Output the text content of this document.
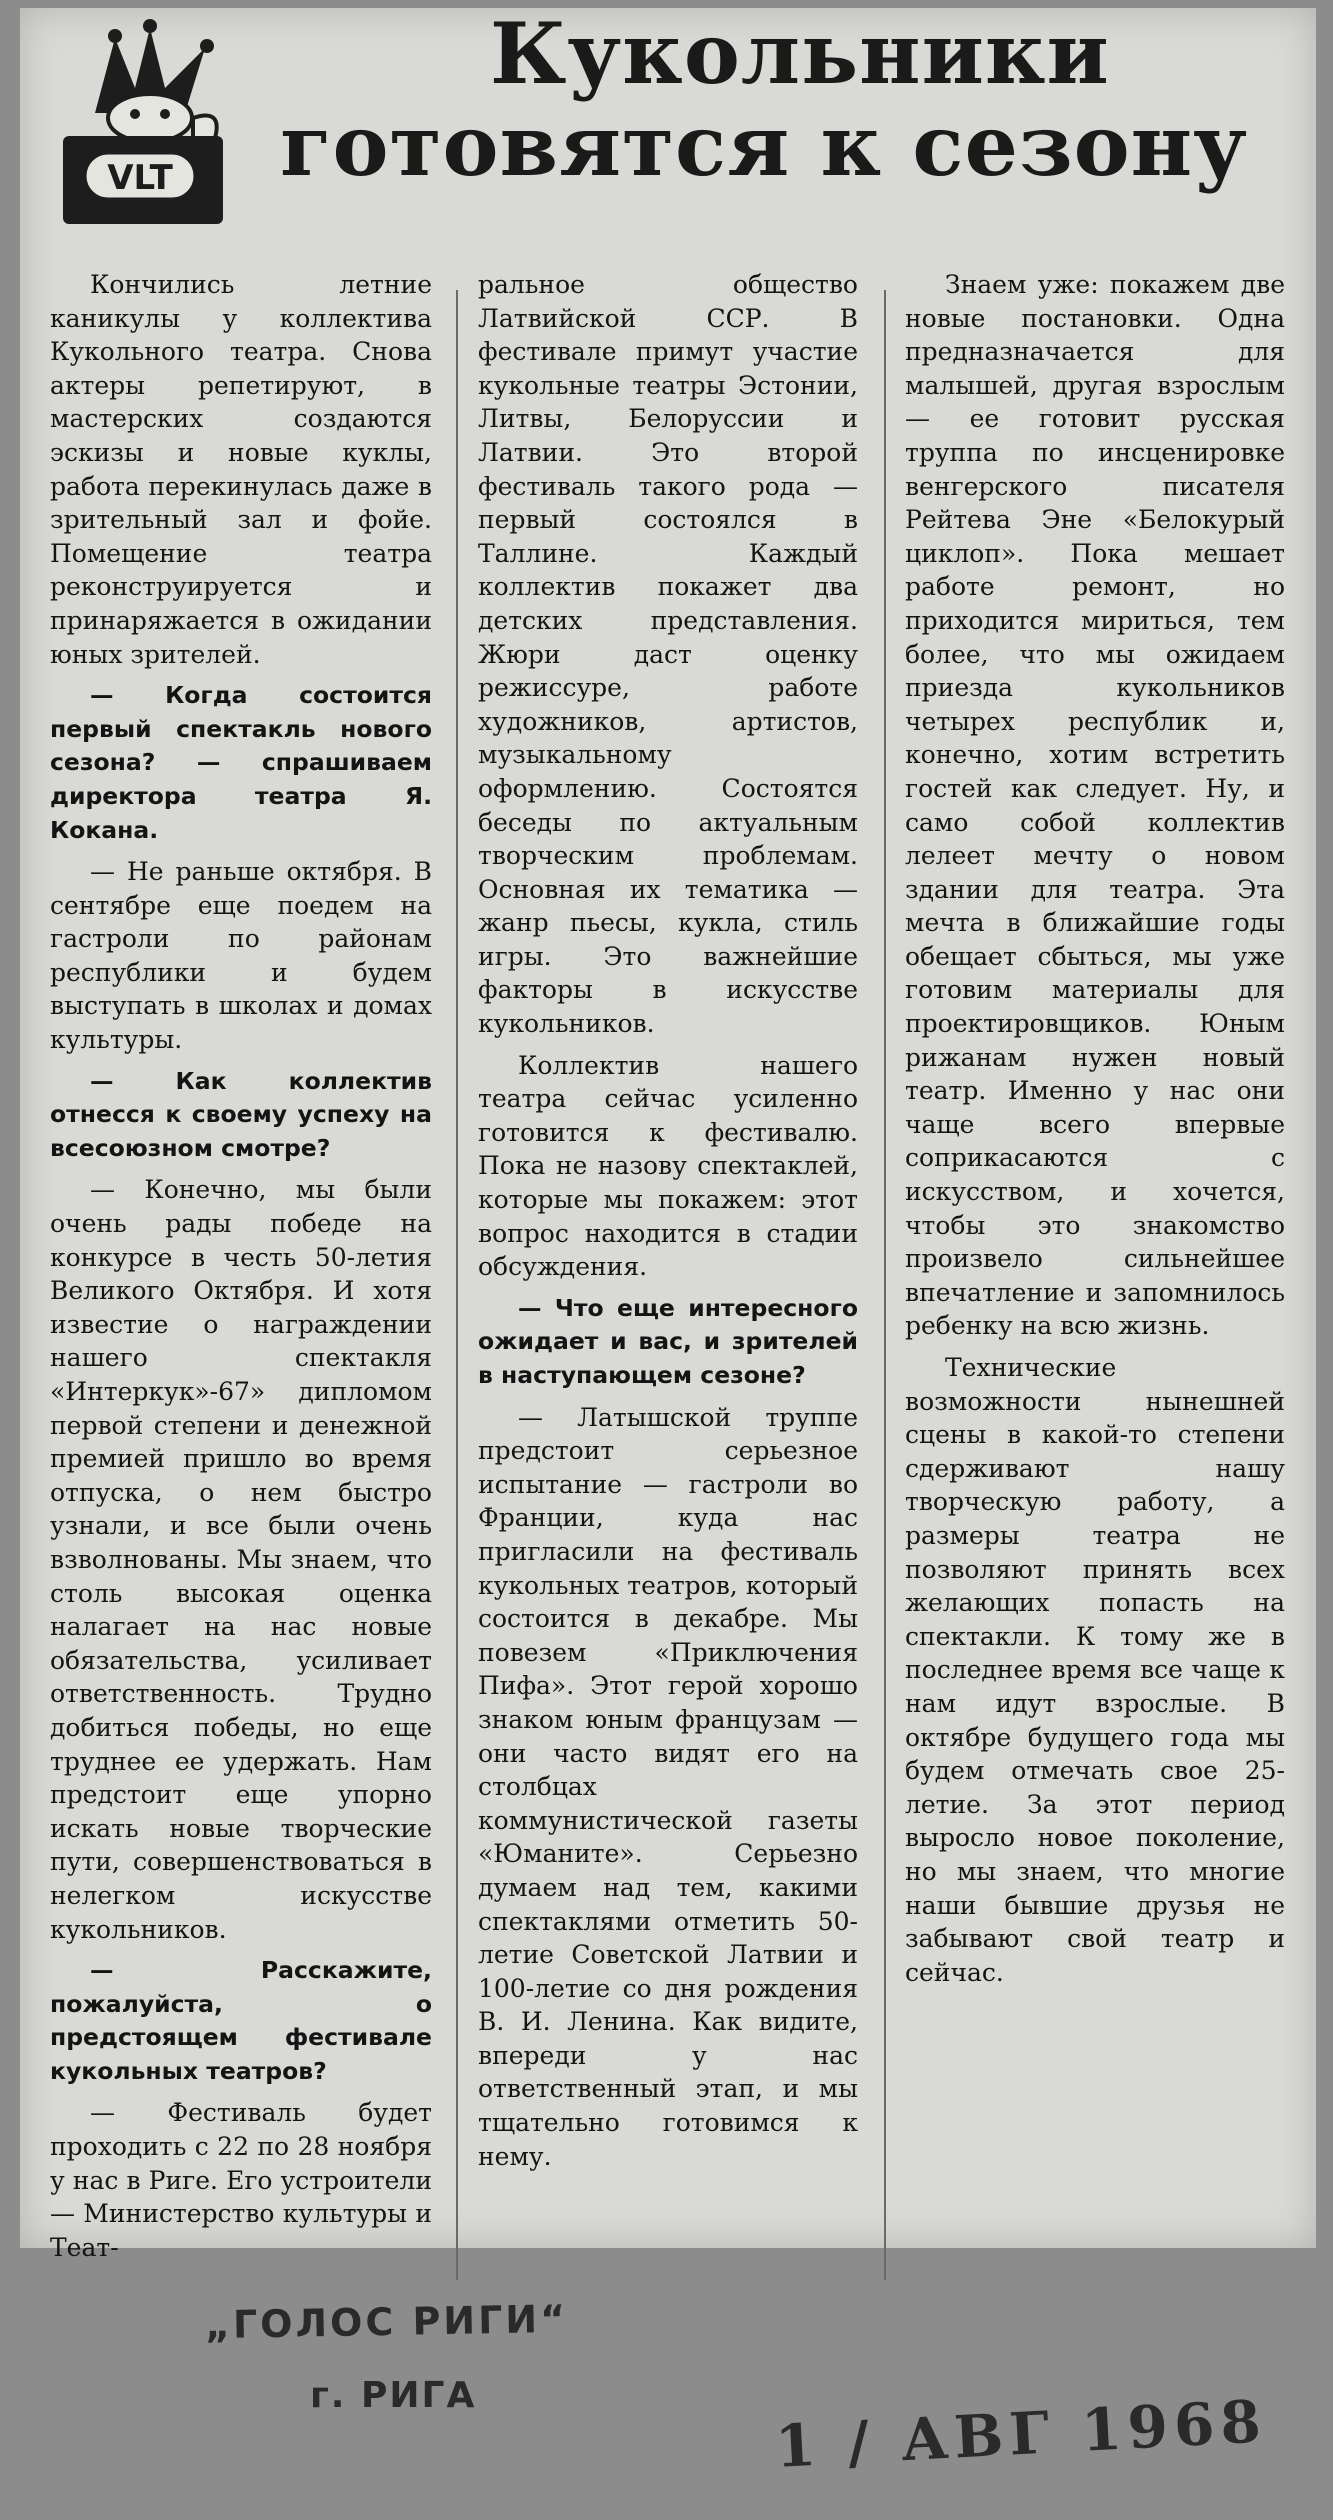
VLT
Кукольники
готовятся к сезону

Кончились летние каникулы у коллектива Кукольного театра. Снова актеры репетируют, в мастерских создаются эскизы и новые куклы, работа перекинулась даже в зрительный зал и фойе. Помещение театра реконструируется и принаряжается в ожидании юных зрителей.

— Когда состоится первый спектакль нового сезона? — спрашиваем директора театра Я. Кокана.

— Не раньше октября. В сентябре еще поедем на гастроли по районам республики и будем выступать в школах и домах культуры.

— Как коллектив отнесся к своему успеху на всесоюзном смотре?

— Конечно, мы были очень рады победе на конкурсе в честь 50-летия Великого Октября. И хотя известие о награждении нашего спектакля «Интеркук»-67» дипломом первой степени и денежной премией пришло во время отпуска, о нем быстро узнали, и все были очень взволнованы. Мы знаем, что столь высокая оценка налагает на нас новые обязательства, усиливает ответственность. Трудно добиться победы, но еще труднее ее удержать. Нам предстоит еще упорно искать новые творческие пути, совершенствоваться в нелегком искусстве кукольников.

— Расскажите, пожалуйста, о предстоящем фестивале кукольных театров?

— Фестиваль будет проходить с 22 по 28 ноября у нас в Риге. Его устроители — Министерство культуры и Теат-

ральное общество Латвийской ССР. В фестивале примут участие кукольные театры Эстонии, Литвы, Белоруссии и Латвии. Это второй фестиваль такого рода — первый состоялся в Таллине. Каждый коллектив покажет два детских представления. Жюри даст оценку режиссуре, работе художников, артистов, музыкальному оформлению. Состоятся беседы по актуальным творческим проблемам. Основная их тематика — жанр пьесы, кукла, стиль игры. Это важнейшие факторы в искусстве кукольников.

Коллектив нашего театра сейчас усиленно готовится к фестивалю. Пока не назову спектаклей, которые мы покажем: этот вопрос находится в стадии обсуждения.

— Что еще интересного ожидает и вас, и зрителей в наступающем сезоне?

— Латышской труппе предстоит серьезное испытание — гастроли во Франции, куда нас пригласили на фестиваль кукольных театров, который состоится в декабре. Мы повезем «Приключения Пифа». Этот герой хорошо знаком юным французам — они часто видят его на столбцах коммунистической газеты «Юманите». Серьезно думаем над тем, какими спектаклями отметить 50-летие Советской Латвии и 100-летие со дня рождения В. И. Ленина. Как видите, впереди у нас ответственный этап, и мы тщательно готовимся к нему.

Знаем уже: покажем две новые постановки. Одна предназначается для малышей, другая взрослым — ее готовит русская труппа по инсценировке венгерского писателя Рейтева Эне «Белокурый циклоп». Пока мешает работе ремонт, но приходится мириться, тем более, что мы ожидаем приезда кукольников четырех республик и, конечно, хотим встретить гостей как следует. Ну, и само собой коллектив лелеет мечту о новом здании для театра. Эта мечта в ближайшие годы обещает сбыться, мы уже готовим материалы для проектировщиков. Юным рижанам нужен новый театр. Именно у нас они чаще всего впервые соприкасаются с искусством, и хочется, чтобы это знакомство произвело сильнейшее впечатление и запомнилось ребенку на всю жизнь.

Технические возможности нынешней сцены в какой-то степени сдерживают нашу творческую работу, а размеры театра не позволяют принять всех желающих попасть на спектакли. К тому же в последнее время все чаще к нам идут взрослые. В октябре будущего года мы будем отмечать свое 25-летие. За этот период выросло новое поколение, но мы знаем, что многие наши бывшие друзья не забывают свой театр и сейчас.

„ГОЛОС РИГИ“
г. РИГА	1 / АВГ 1968
